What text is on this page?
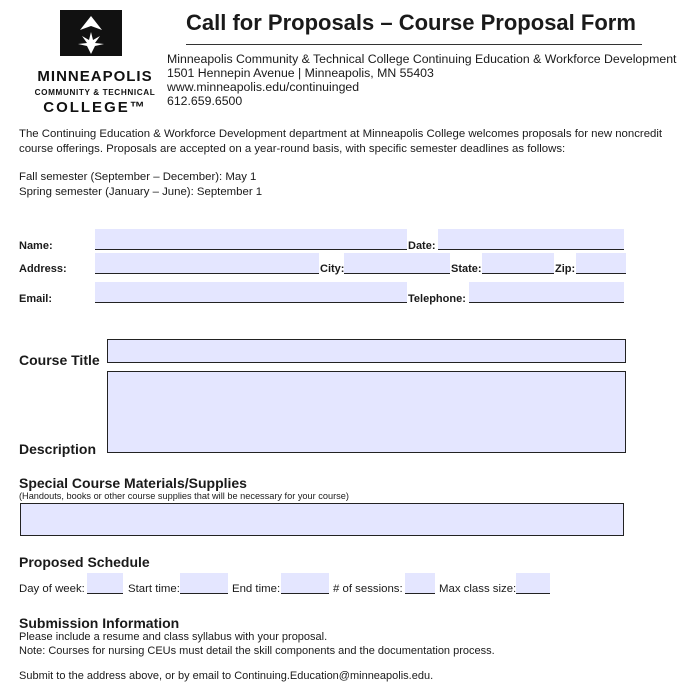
MINNEAPOLIS
COMMUNITY & TECHNICAL
COLLEGE™
Call for Proposals – Course Proposal Form
Minneapolis Community & Technical College Continuing Education & Workforce Development
1501 Hennepin Avenue | Minneapolis, MN 55403
www.minneapolis.edu/continuinged
612.659.6500
The Continuing Education & Workforce Development department at Minneapolis College welcomes proposals for new noncredit
course offerings. Proposals are accepted on a year-round basis, with specific semester deadlines as follows:
Fall semester (September – December): May 1
Spring semester (January – June): September 1
Name:	Date:
Address:	City:	State:	Zip:
Email:	Telephone:
Course Title
Description
Special Course Materials/Supplies
(Handouts, books or other course supplies that will be necessary for your course)
Proposed Schedule
Day of week:	Start time:	End time:	# of sessions:	Max class size:
Submission Information
Please include a resume and class syllabus with your proposal.
Note: Courses for nursing CEUs must detail the skill components and the documentation process.
Submit to the address above, or by email to Continuing.Education@minneapolis.edu.
